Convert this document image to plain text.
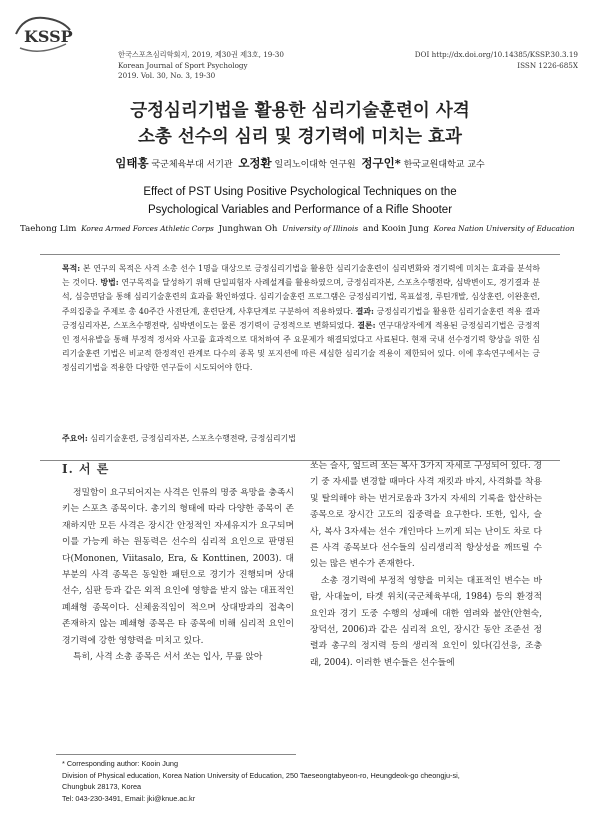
KSSP
한국스포츠심리학회지, 2019, 제30권 제3호, 19-30
Korean Journal of Sport Psychology
2019. Vol. 30, No. 3, 19-30
DOI http://dx.doi.org/10.14385/KSSP.30.3.19
ISSN 1226-685X
긍정심리기법을 활용한 심리기술훈련이 사격
소총 선수의 심리 및 경기력에 미치는 효과
임태홍 국군체육부대 서기관 오정환 일리노이대학 연구원 정구인* 한국교원대학교 교수
Effect of PST Using Positive Psychological Techniques on the
Psychological Variables and Performance of a Rifle Shooter
Taehong Lim Korea Armed Forces Athletic Corps Junghwan Oh University of Illinois and Kooin Jung Korea Nation University of Education
목적: 본 연구의 목적은 사격 소총 선수 1명을 대상으로 긍정심리기법을 활용한 심리기술훈련이 심리변화와 경기력에 미치는 효과를 분석하는 것이다. 방법: 연구목적을 달성하기 위해 단일피험자 사례설계를 활용하였으며, 긍정심리자본, 스포츠수행전략, 심박변이도, 경기결과 분석, 심층면담을 통해 심리기술훈련의 효과를 확인하였다. 심리기술훈련 프로그램은 긍정심리기법, 목표설정, 루틴개발, 심상훈련, 이완훈련, 주의집중을 주제로 총 40주간 사전단계, 훈련단계, 사후단계로 구분하여 적용하였다. 결과: 긍정심리기법을 활용한 심리기술훈련 적용 결과 긍정심리자본, 스포츠수행전략, 심박변이도는 물론 경기력이 긍정적으로 변화되었다. 결론: 연구대상자에게 적용된 긍정심리기법은 긍정적인 정서유발을 통해 부정적 정서와 사고를 효과적으로 대처하여 주 요문제가 해결되었다고 사료된다. 현재 국내 선수경기력 향상을 위한 심리기술훈련 기법은 비교적 한정적인 관계로 다수의 종목 및 포지션에 따른 세심한 심리기술 적용이 제한되어 있다. 이에 후속연구에서는 긍정심리기법을 적용한 다양한 연구들이 시도되어야 한다.
주요어: 심리기술훈련, 긍정심리자본, 스포츠수행전략, 긍정심리기법
Ⅰ. 서 론

정밀함이 요구되어지는 사격은 인류의 명중 욕망을 충족시키는 스포츠 종목이다. 총기의 형태에 따라 다양한 종목이 존재하지만 모든 사격은 장시간 안정적인 자세유지가 요구되며 이를 가능케 하는 원동력은 선수의 심리적 요인으로 판명된다(Mononen, Viitasalo, Era, & Konttinen, 2003). 대부분의 사격 종목은 동일한 패턴으로 경기가 진행되며 상대 선수, 심판 등과 같은 외적 요인에 영향을 받지 않는 대표적인 폐쇄형 종목이다. 신체움직임이 적으며 상대방과의 접촉이 존재하지 않는 폐쇄형 종목은 타 종목에 비해 심리적 요인이 경기력에 강한 영향력을 미치고 있다.

특히, 사격 소총 종목은 서서 쏘는 입사, 무릎 앉아

쏘는 슬사, 엎드려 쏘는 복사 3가지 자세로 구성되어 있다. 경기 중 자세를 변경할 때마다 사격 재킷과 바지, 사격화를 착용 및 탈의해야 하는 번거로움과 3가지 자세의 기록을 합산하는 종목으로 장시간 고도의 집중력을 요구한다. 또한, 입사, 슬사, 복사 3자세는 선수 개인마다 느끼게 되는 난이도 차로 다른 사격 종목보다 선수들의 심리생리적 항상성을 깨뜨릴 수 있는 많은 변수가 존재한다.

소총 경기력에 부정적 영향을 미치는 대표적인 변수는 바람, 사대높이, 타겟 위치(국군체육부대, 1984) 등의 환경적 요인과 경기 도중 수행의 성패에 대한 염려와 불안(안현숙, 장덕선, 2006)과 같은 심리적 요인, 장시간 동안 조준선 정렬과 총구의 정지력 등의 생리적 요인이 있다(김선응, 조충래, 2004). 이러한 변수들은 선수들에

* Corresponding author: Kooin Jung
Division of Physical education, Korea Nation University of Education, 250 Taeseongtabyeon-ro, Heungdeok-go cheongju-si,
Chungbuk 28173, Korea
Tel: 043-230-3491, Email: jki@knue.ac.kr
